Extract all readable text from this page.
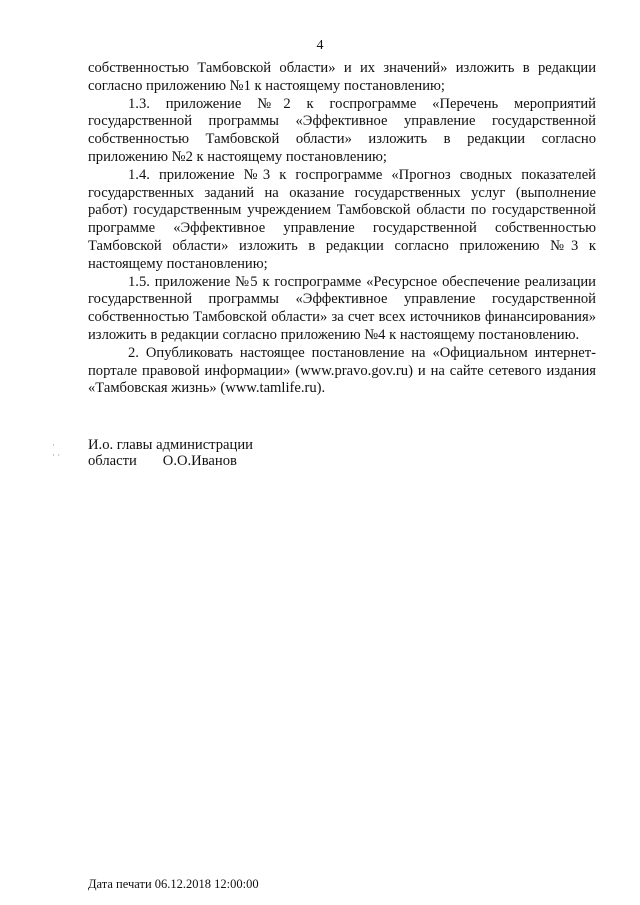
4

собственностью Тамбовской области» и их значений» изложить в редакции согласно приложению №1 к настоящему постановлению;

1.3. приложение №2 к госпрограмме «Перечень мероприятий государственной программы «Эффективное управление государственной собственностью Тамбовской области» изложить в редакции согласно приложению №2 к настоящему постановлению;

1.4. приложение №3 к госпрограмме «Прогноз сводных показателей государственных заданий на оказание государственных услуг (выполнение работ) государственным учреждением Тамбовской области по государственной программе «Эффективное управление государственной собственностью Тамбовской области» изложить в редакции согласно приложению №3 к настоящему постановлению;

1.5. приложение №5 к госпрограмме «Ресурсное обеспечение реализации государственной программы «Эффективное управление государственной собственностью Тамбовской области» за счет всех источников финансирования» изложить в редакции согласно приложению №4 к настоящему постановлению.

2. Опубликовать настоящее постановление на «Официальном интернет-портале правовой информации» (www.pravo.gov.ru) и на сайте сетевого издания «Тамбовская жизнь» (www.tamlife.ru).

·
· ·
И.о. главы администрации
области О.О.Иванов
Дата печати 06.12.2018 12:00:00
